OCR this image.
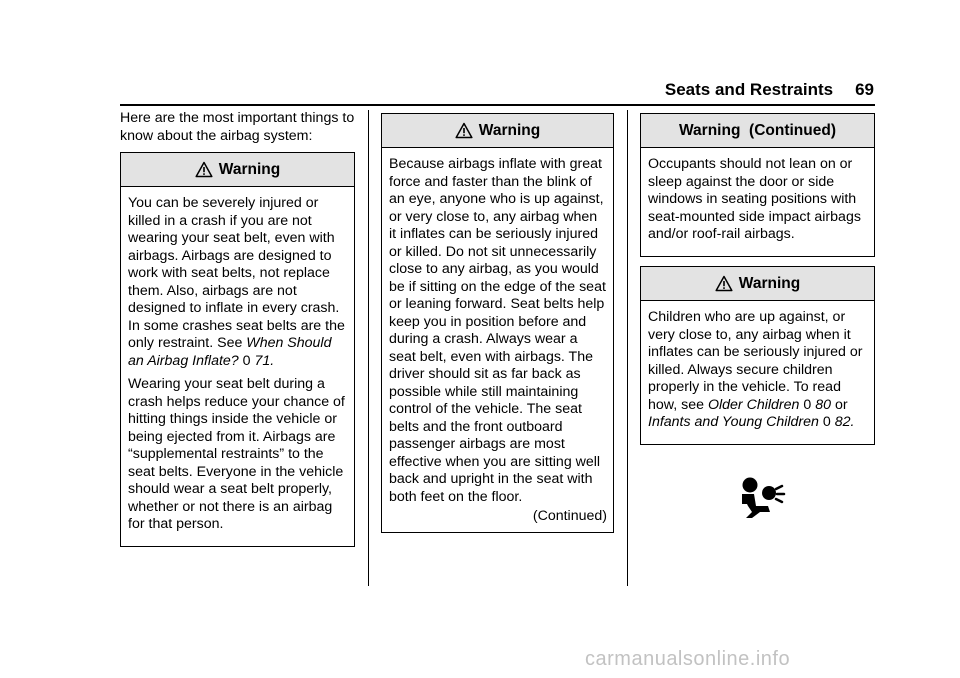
Seats and Restraints 69
Here are the most important things to know about the airbag system:
Warning

You can be severely injured or killed in a crash if you are not wearing your seat belt, even with airbags. Airbags are designed to work with seat belts, not replace them. Also, airbags are not designed to inflate in every crash. In some crashes seat belts are the only restraint. See When Should an Airbag Inflate? 0 71.

Wearing your seat belt during a crash helps reduce your chance of hitting things inside the vehicle or being ejected from it. Airbags are “supplemental restraints” to the seat belts. Everyone in the vehicle should wear a seat belt properly, whether or not there is an airbag for that person.

Warning

Because airbags inflate with great force and faster than the blink of an eye, anyone who is up against, or very close to, any airbag when it inflates can be seriously injured or killed. Do not sit unnecessarily close to any airbag, as you would be if sitting on the edge of the seat or leaning forward. Seat belts help keep you in position before and during a crash. Always wear a seat belt, even with airbags. The driver should sit as far back as possible while still maintaining control of the vehicle. The seat belts and the front outboard passenger airbags are most effective when you are sitting well back and upright in the seat with both feet on the floor.

(Continued)
Warning  (Continued)

Occupants should not lean on or sleep against the door or side windows in seating positions with seat-mounted side impact airbags and/or roof-rail airbags.

Warning

Children who are up against, or very close to, any airbag when it inflates can be seriously injured or killed. Always secure children properly in the vehicle. To read how, see Older Children 0 80 or Infants and Young Children 0 82.

carmanualsonline.info
